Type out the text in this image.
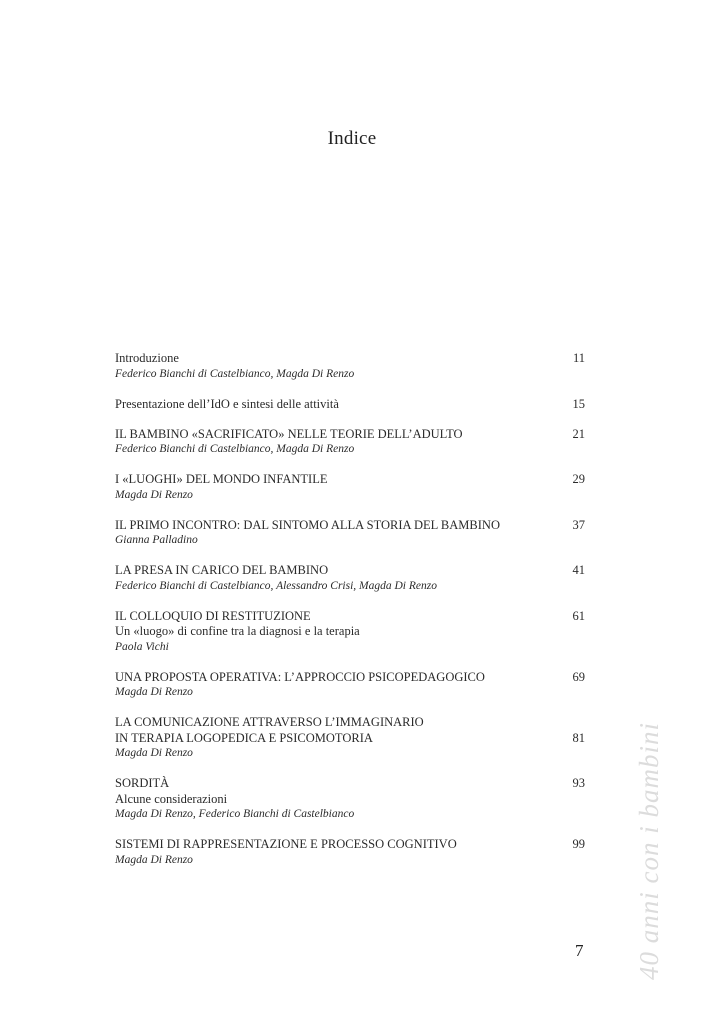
Indice
Introduzione
Federico Bianchi di Castelbianco, Magda Di Renzo
11
Presentazione dell’IdO e sintesi delle attività	15
IL BAMBINO «SACRIFICATO» NELLE TEORIE DELL’ADULTO
Federico Bianchi di Castelbianco, Magda Di Renzo
21
I «LUOGHI» DEL MONDO INFANTILE
Magda Di Renzo
29
IL PRIMO INCONTRO: DAL SINTOMO ALLA STORIA DEL BAMBINO
Gianna Palladino
37
LA PRESA IN CARICO DEL BAMBINO
Federico Bianchi di Castelbianco, Alessandro Crisi, Magda Di Renzo
41
IL COLLOQUIO DI RESTITUZIONE
Un «luogo» di confine tra la diagnosi e la terapia
Paola Vichi
61
UNA PROPOSTA OPERATIVA: L’APPROCCIO PSICOPEDAGOGICO
Magda Di Renzo
69
LA COMUNICAZIONE ATTRAVERSO L’IMMAGINARIO
IN TERAPIA LOGOPEDICA E PSICOMOTORIA
Magda Di Renzo
81
SORDITÀ
Alcune considerazioni
Magda Di Renzo, Federico Bianchi di Castelbianco
93
SISTEMI DI RAPPRESENTAZIONE E PROCESSO COGNITIVO
Magda Di Renzo
99
7 40 anni con i bambini
